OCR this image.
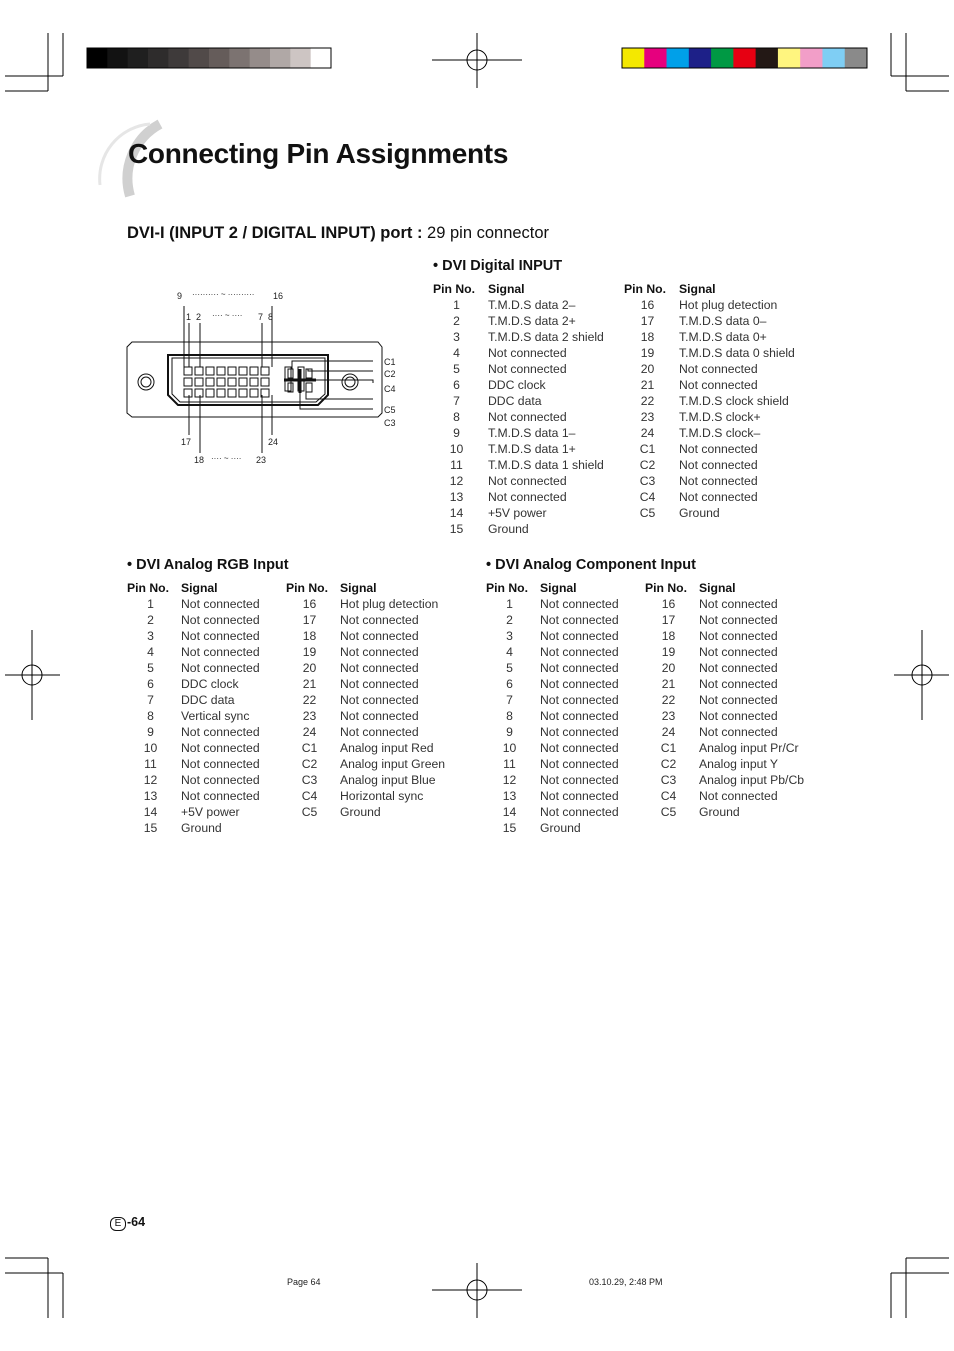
Connecting Pin Assignments
DVI-I (INPUT 2 / DIGITAL INPUT) port : 29 pin connector
9 ·········· ~ ·········· 16
1  2 ···· ~ ···· 7  8
C1
C2
C4
C5
C3
17	24
18 ···· ~ ···· 23
• DVI Digital INPUT
• DVI Analog RGB Input	• DVI Analog Component Input
Pin No. Signal
1	T.M.D.S data 2–
2	T.M.D.S data 2+
3	T.M.D.S data 2 shield
4	Not connected
5	Not connected
6	DDC clock
7	DDC data
8	Not connected
9	T.M.D.S data 1–
10	T.M.D.S data 1+
11	T.M.D.S data 1 shield
12	Not connected
13	Not connected
14	+5V power
15	Ground
Pin No. Signal
16	Hot plug detection
17	T.M.D.S data 0–
18	T.M.D.S data 0+
19	T.M.D.S data 0 shield
20	Not connected
21	Not connected
22	T.M.D.S clock shield
23	T.M.D.S clock+
24	T.M.D.S clock–
C1	Not connected
C2	Not connected
C3	Not connected
C4	Not connected
C5	Ground
Pin No. Signal
1	Not connected
2	Not connected
3	Not connected
4	Not connected
5	Not connected
6	DDC clock
7	DDC data
8	Vertical sync
9	Not connected
10	Not connected
11	Not connected
12	Not connected
13	Not connected
14	+5V power
15	Ground
Pin No. Signal
16	Hot plug detection
17	Not connected
18	Not connected
19	Not connected
20	Not connected
21	Not connected
22	Not connected
23	Not connected
24	Not connected
C1	Analog input Red
C2	Analog input Green
C3	Analog input Blue
C4	Horizontal sync
C5	Ground
Pin No. Signal
1	Not connected
2	Not connected
3	Not connected
4	Not connected
5	Not connected
6	Not connected
7	Not connected
8	Not connected
9	Not connected
10	Not connected
11	Not connected
12	Not connected
13	Not connected
14	Not connected
15	Ground
Pin No. Signal
16	Not connected
17	Not connected
18	Not connected
19	Not connected
20	Not connected
21	Not connected
22	Not connected
23	Not connected
24	Not connected
C1	Analog input Pr/Cr
C2	Analog input Y
C3	Analog input Pb/Cb
C4	Not connected
C5	Ground
E -64
Page 64	03.10.29, 2:48 PM
